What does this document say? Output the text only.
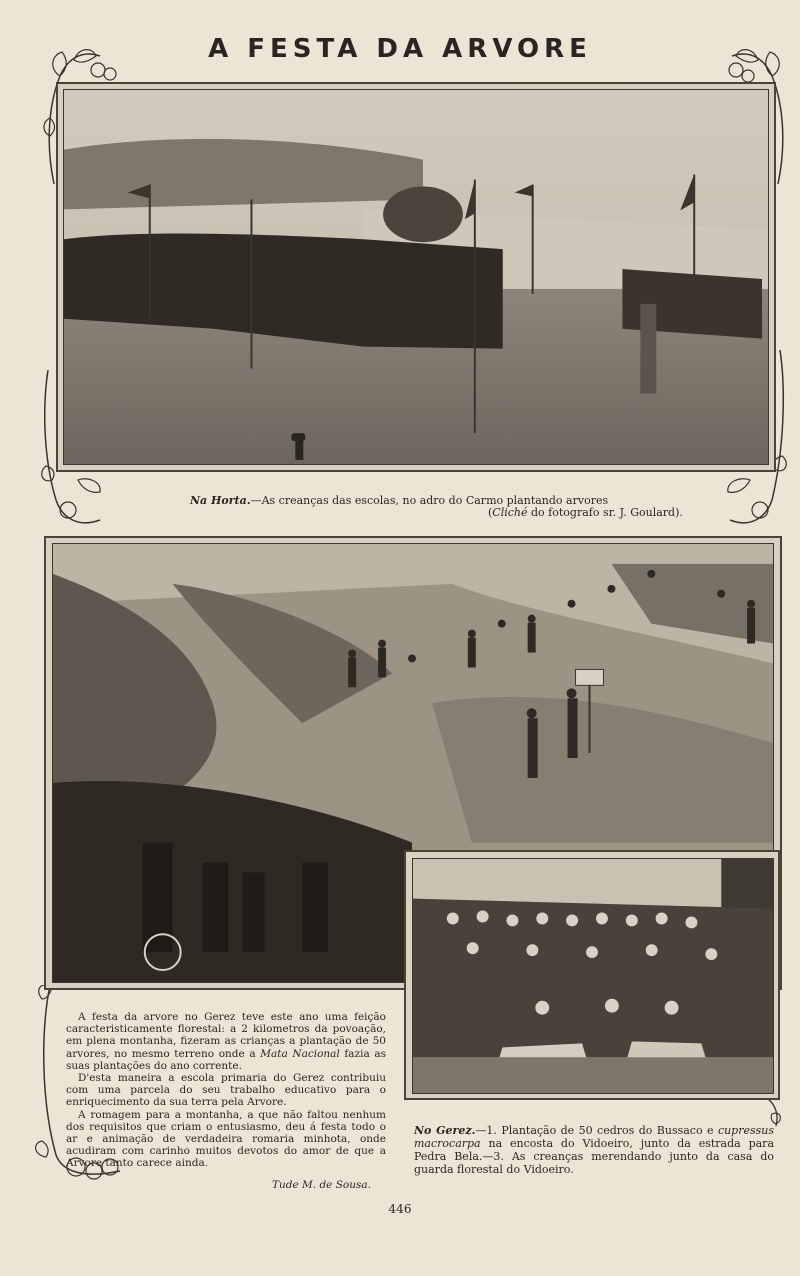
A FESTA DA ARVORE
Na Horta.—As creanças das escolas, no adro do Carmo plantando arvores
(Cliché do fotografo sr. J. Goulard).

A festa da arvore no Gerez teve este ano uma feição caracteristicamente florestal: a 2 kilometros da povoação, em plena montanha, fizeram as crianças a plantação de 50 arvores, no mesmo terreno onde a Mata Nacional fazia as suas plantações do ano corrente.

D'esta maneira a escola primaria do Gerez contribuiu com uma parcela do seu trabalho educativo para o enriquecimento da sua terra pela Arvore.

A romagem para a montanha, a que não faltou nenhum dos requisitos que criam o entusiasmo, deu á festa todo o ar e animação de verdadeira romaria minhota, onde acudiram com carinho muitos devotos do amor de que a Arvore tanto carece ainda.

Tude M. de Sousa.
No Gerez.—1. Plantação de 50 cedros do Bussaco e cupressus macrocarpa na encosta do Vidoeiro, junto da estrada para Pedra Bela.—3. As creanças merendando junto da casa do guarda florestal do Vidoeiro.
446
